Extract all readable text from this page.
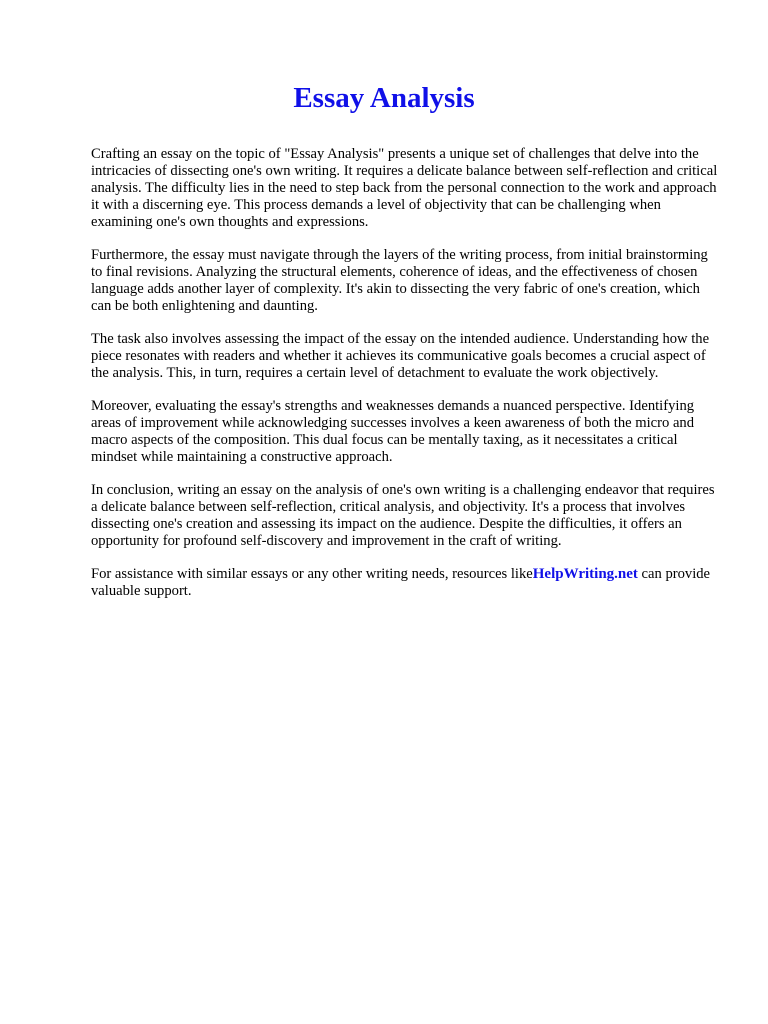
Essay Analysis

Crafting an essay on the topic of "Essay Analysis" presents a unique set of challenges that delve into the intricacies of dissecting one's own writing. It requires a delicate balance between self-reflection and critical analysis. The difficulty lies in the need to step back from the personal connection to the work and approach it with a discerning eye. This process demands a level of objectivity that can be challenging when examining one's own thoughts and expressions.

Furthermore, the essay must navigate through the layers of the writing process, from initial brainstorming to final revisions. Analyzing the structural elements, coherence of ideas, and the effectiveness of chosen language adds another layer of complexity. It's akin to dissecting the very fabric of one's creation, which can be both enlightening and daunting.

The task also involves assessing the impact of the essay on the intended audience. Understanding how the piece resonates with readers and whether it achieves its communicative goals becomes a crucial aspect of the analysis. This, in turn, requires a certain level of detachment to evaluate the work objectively.

Moreover, evaluating the essay's strengths and weaknesses demands a nuanced perspective. Identifying areas of improvement while acknowledging successes involves a keen awareness of both the micro and macro aspects of the composition. This dual focus can be mentally taxing, as it necessitates a critical mindset while maintaining a constructive approach.

In conclusion, writing an essay on the analysis of one's own writing is a challenging endeavor that requires a delicate balance between self-reflection, critical analysis, and objectivity. It's a process that involves dissecting one's creation and assessing its impact on the audience. Despite the difficulties, it offers an opportunity for profound self-discovery and improvement in the craft of writing.

For assistance with similar essays or any other writing needs, resources likeHelpWriting.net can provide valuable support.
